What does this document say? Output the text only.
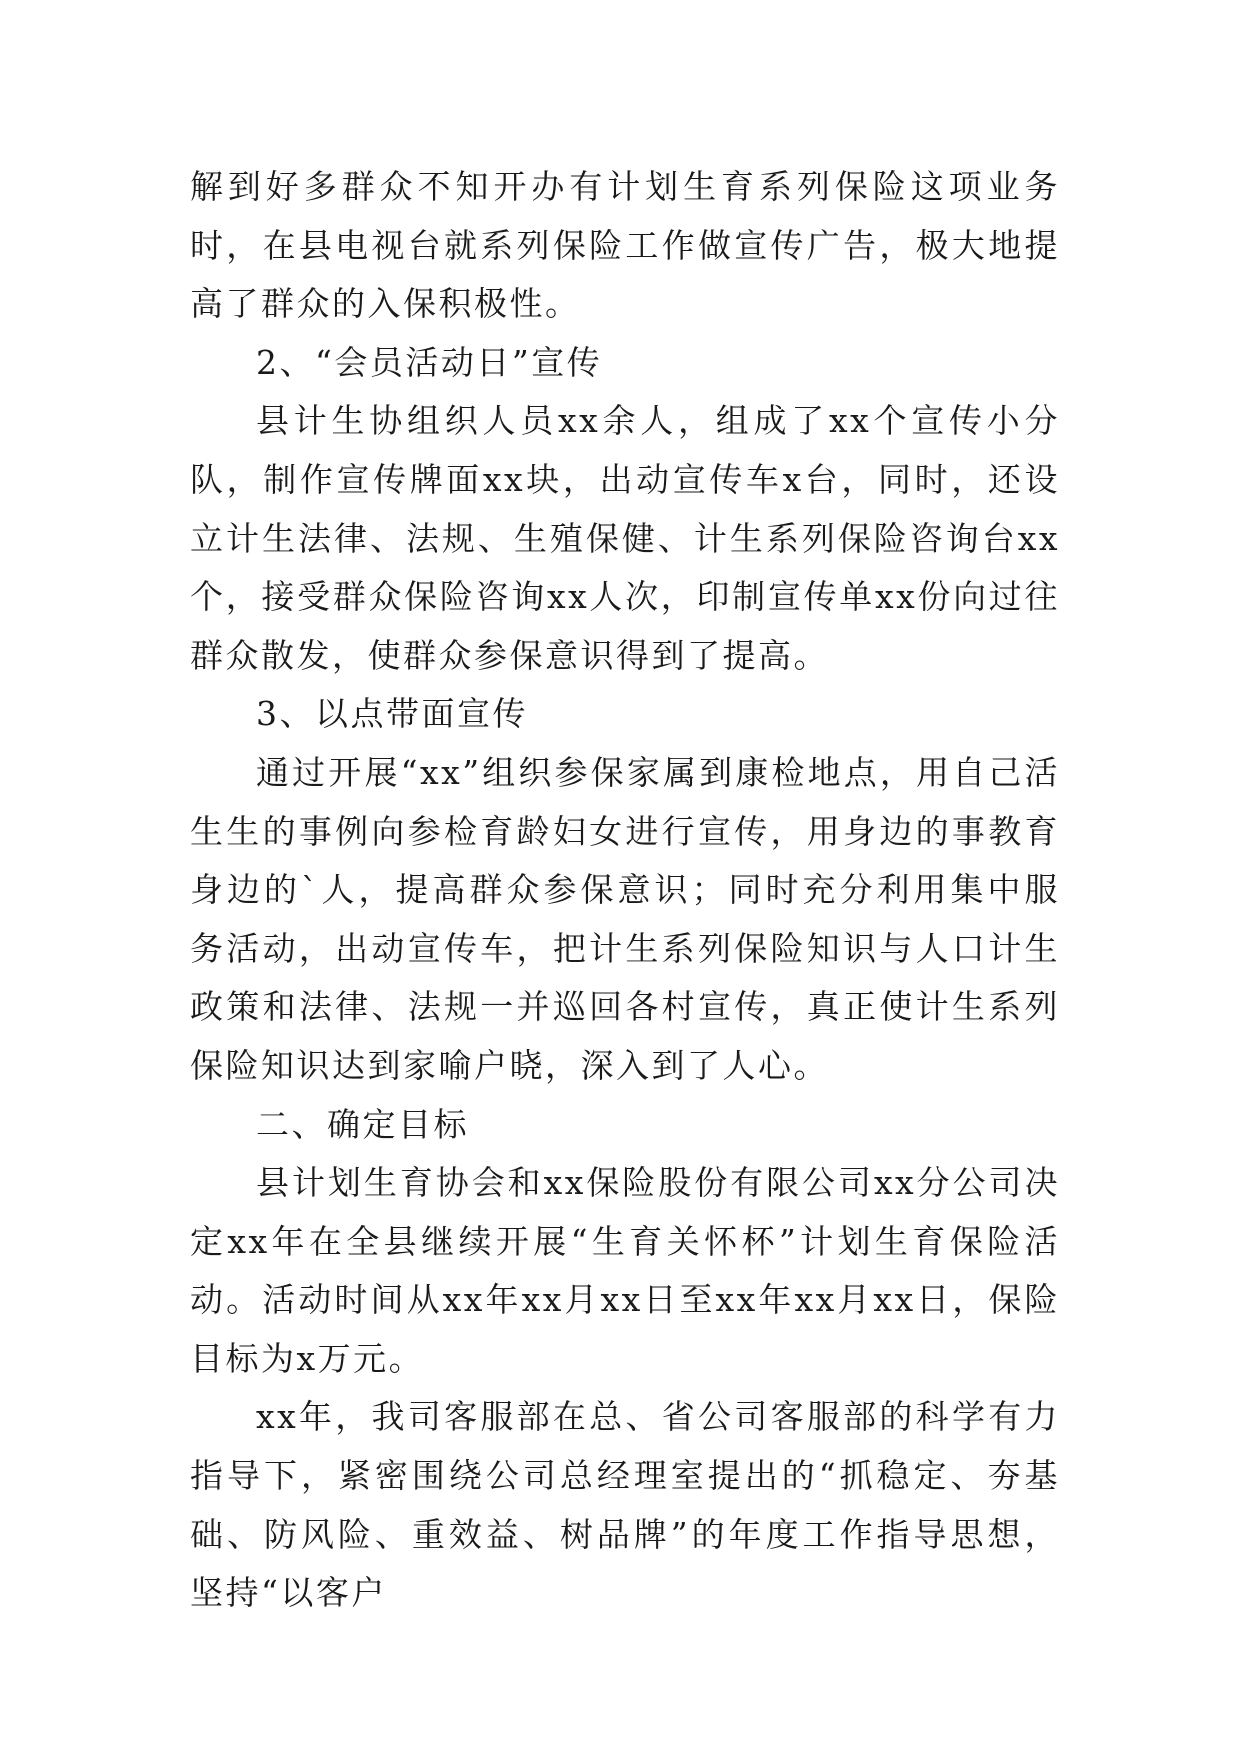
解到好多群众不知开办有计划生育系列保险这项业务时，在县电视台就系列保险工作做宣传广告，极大地提高了群众的入保积极性。

2、“会员活动日”宣传

县计生协组织人员xx余人，组成了xx个宣传小分队，制作宣传牌面xx块，出动宣传车x台，同时，还设立计生法律、法规、生殖保健、计生系列保险咨询台xx个，接受群众保险咨询xx人次，印制宣传单xx份向过往群众散发，使群众参保意识得到了提高。

3、以点带面宣传

通过开展“xx”组织参保家属到康检地点，用自己活生生的事例向参检育龄妇女进行宣传，用身边的事教育身边的`人，提高群众参保意识；同时充分利用集中服务活动，出动宣传车，把计生系列保险知识与人口计生政策和法律、法规一并巡回各村宣传，真正使计生系列保险知识达到家喻户晓，深入到了人心。

二、确定目标

县计划生育协会和xx保险股份有限公司xx分公司决定xx年在全县继续开展“生育关怀杯”计划生育保险活动。活动时间从xx年xx月xx日至xx年xx月xx日，保险目标为x万元。

xx年，我司客服部在总、省公司客服部的科学有力指导下，紧密围绕公司总经理室提出的“抓稳定、夯基础、防风险、重效益、树品牌”的年度工作指导思想，坚持“以客户
